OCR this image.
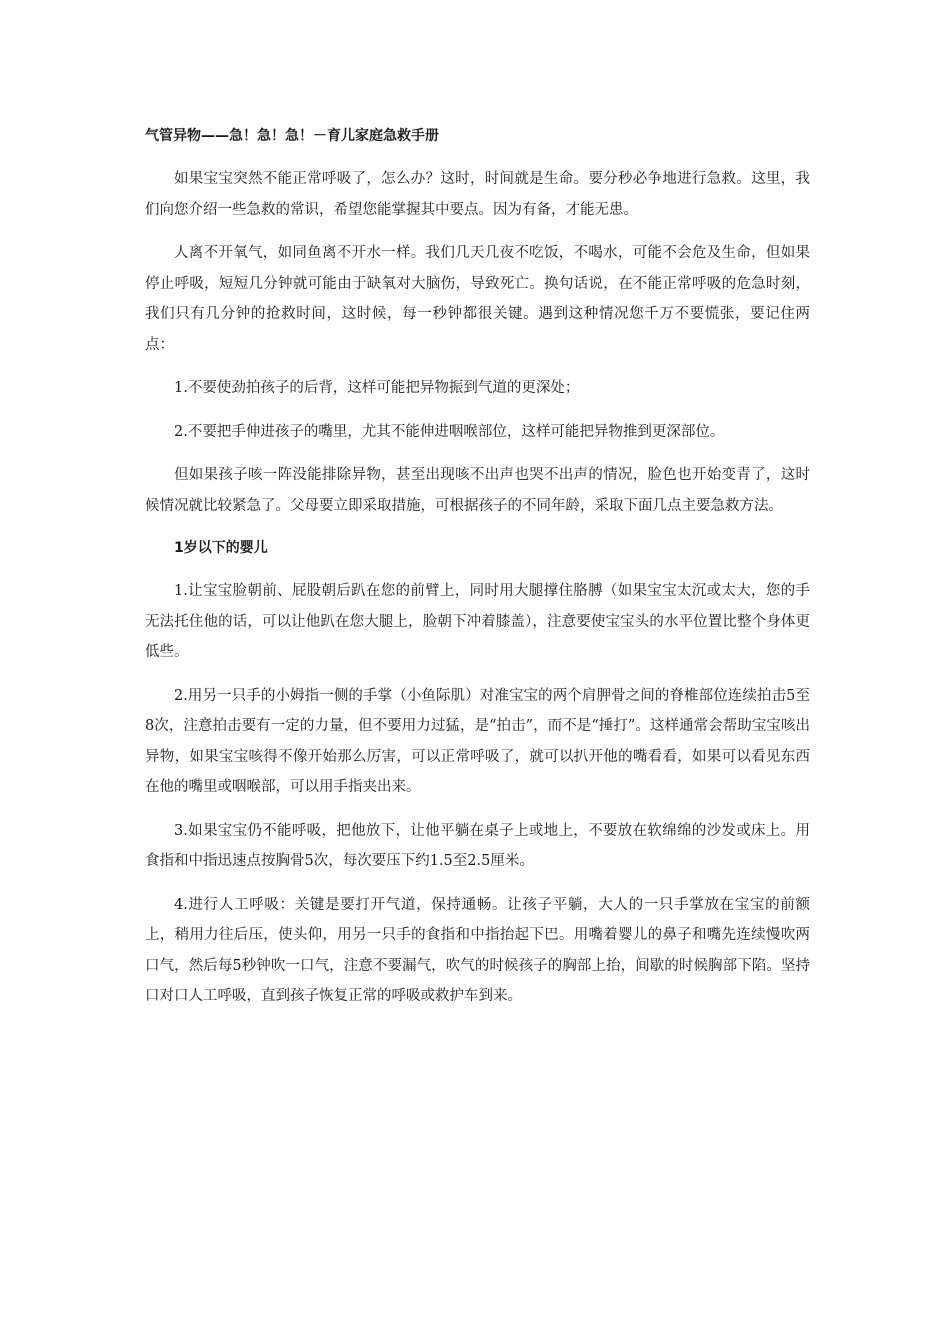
气管异物——急！急！急！－育儿家庭急救手册

如果宝宝突然不能正常呼吸了，怎么办？这时，时间就是生命。要分秒必争地进行急救。这里，我们向您介绍一些急救的常识，希望您能掌握其中要点。因为有备，才能无患。

人离不开氧气，如同鱼离不开水一样。我们几天几夜不吃饭，不喝水，可能不会危及生命，但如果停止呼吸，短短几分钟就可能由于缺氧对大脑伤，导致死亡。换句话说，在不能正常呼吸的危急时刻，我们只有几分钟的抢救时间，这时候，每一秒钟都很关键。遇到这种情况您千万不要慌张，要记住两点：

1.不要使劲拍孩子的后背，这样可能把异物振到气道的更深处；

2.不要把手伸进孩子的嘴里，尤其不能伸进咽喉部位，这样可能把异物推到更深部位。

但如果孩子咳一阵没能排除异物，甚至出现咳不出声也哭不出声的情况，脸色也开始变青了，这时候情况就比较紧急了。父母要立即采取措施，可根据孩子的不同年龄，采取下面几点主要急救方法。

1岁以下的婴儿

1.让宝宝脸朝前、屁股朝后趴在您的前臂上，同时用大腿撑住胳膊（如果宝宝太沉或太大，您的手无法托住他的话，可以让他趴在您大腿上，脸朝下冲着膝盖），注意要使宝宝头的水平位置比整个身体更低些。

2.用另一只手的小姆指一侧的手掌（小鱼际肌）对准宝宝的两个肩胛骨之间的脊椎部位连续拍击5至8次，注意拍击要有一定的力量，但不要用力过猛，是“拍击”，而不是“捶打”。这样通常会帮助宝宝咳出异物，如果宝宝咳得不像开始那么厉害，可以正常呼吸了，就可以扒开他的嘴看看，如果可以看见东西在他的嘴里或咽喉部，可以用手指夹出来。

3.如果宝宝仍不能呼吸，把他放下，让他平躺在桌子上或地上，不要放在软绵绵的沙发或床上。用食指和中指迅速点按胸骨5次，每次要压下约1.5至2.5厘米。

4.进行人工呼吸：关键是要打开气道，保持通畅。让孩子平躺，大人的一只手掌放在宝宝的前额上，稍用力往后压，使头仰，用另一只手的食指和中指抬起下巴。用嘴着婴儿的鼻子和嘴先连续慢吹两口气，然后每5秒钟吹一口气，注意不要漏气，吹气的时候孩子的胸部上抬，间歇的时候胸部下陷。坚持口对口人工呼吸，直到孩子恢复正常的呼吸或救护车到来。
